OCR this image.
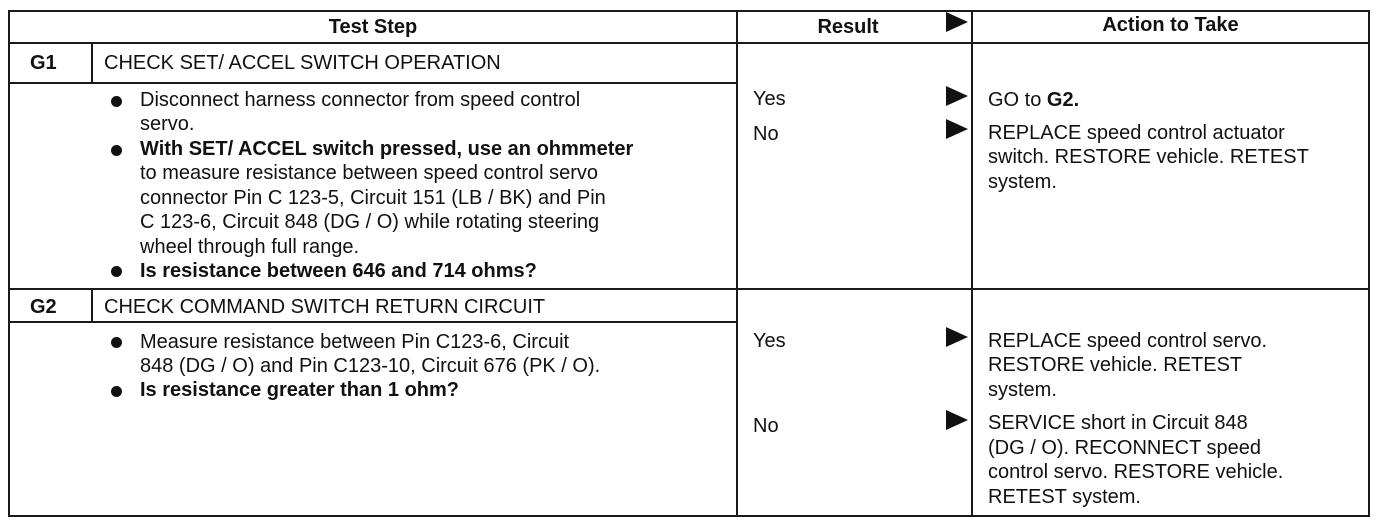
Test Step	Result	Action to Take
G1 CHECK SET/ ACCEL SWITCH OPERATION
Disconnect harness connector from speed control
servo.
With SET/ ACCEL switch pressed, use an ohmmeter
to measure resistance between speed control servo
connector Pin C 123-5, Circuit 151 (LB / BK) and Pin
C 123-6, Circuit 848 (DG / O) while rotating steering
wheel through full range.
Is resistance between 646 and 714 ohms?
Yes	GO to G2.
No	REPLACE speed control actuator
switch. RESTORE vehicle. RETEST
system.
G2 CHECK COMMAND SWITCH RETURN CIRCUIT
Measure resistance between Pin C123-6, Circuit
848 (DG / O) and Pin C123-10, Circuit 676 (PK / O).
Is resistance greater than 1 ohm?
Yes	REPLACE speed control servo.
RESTORE vehicle. RETEST
system.
No	SERVICE short in Circuit 848
(DG / O). RECONNECT speed
control servo. RESTORE vehicle.
RETEST system.
